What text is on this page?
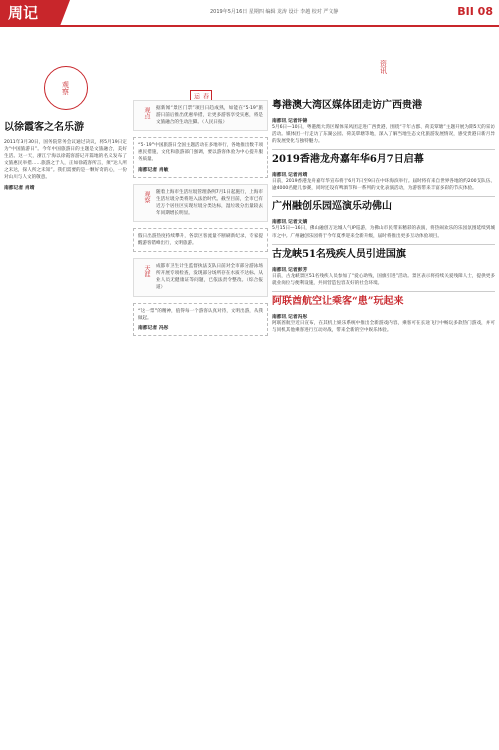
周记	2019年5月16日 星期四 编辑 龙涛 设计 李越 校对 严文静	BII 08
观察
以徐霞客之名乐游
2011年3月30日，国务院常务会议通过决议，将5月19日定为“中国旅游日”。今年中国旅游日的主题是文旅融合，美好生活。这一天，浙江宁海以徐霞客游记开篇地的名义发布了文旅惠民举措……旅游之于人，正如徐霞客所言，须“达人所之未达，探人所之未知”。我们需要的是一颗好奇的心，一份对山川与人文的敬意。
南都记者 肖靖
春运
观点 据新闻“景区门票”项目日趋成熟，如能在“5·19”旅游日前后推出优惠举措，让更多游客享受实惠，将是文旅融合的生动注脚。（人民日报）
“5·19”中国旅游日全国主题活动在多地举行，各地推出数千项惠民措施，文化和旅游部门强调，要以游客体验为中心提升服务质量。
南都记者 肖敏
观察 随着上海市生活垃圾管理条例7月1日起施行，上海市生活垃圾分类将进入法治时代。截至目前，全市已有近万个居住区实现垃圾分类达标，湿垃圾分出量较去年同期增长明显。
假日出游热度持续攀升，各景区客流量不断刷新纪录，专家提醒游客错峰出行，文明旅游。
天涯 成都市卫生计生监督执法支队日前对全市部分游泳场所开展专项检查，发现部分场所存在水质不达标、从业人员无健康证等问题，已依法责令整改。（综合报道）
“这一票”的精神，值得每一个游客认真对待，文明出游，从我做起。
南都记者 冯彤
资讯
粤港澳大湾区媒体团走访广西贵港
南都讯 记者许锦
5月6日—10日，粤港澳大湾区媒体采风团走进广西贵港，围绕“千年古郡、荷美覃塘”主题开展为期5天的采访活动。媒体团一行走访了东湖公园、荷美覃塘等地，深入了解当地生态文化旅游发展情况，感受贵港日新月异的发展变化与独特魅力。
2019香港龙舟嘉年华6月7日启幕
南都讯 记者肖靖
日前，2019香港龙舟嘉年华宣布将于6月7日至9日在中环海滨举行。届时将有来自世界各地的约200支队伍、逾4000名健儿参赛，同时还设有啤酒节和一系列的文化表演活动，为游客带来丰富多彩的节庆体验。
广州融创乐园巡演乐动佛山
南都讯 记者文婧
5月15日—16日，佛山融创万达城人气IP巡游，为佛山市民带来精彩的表演，将热闹欢乐的乐园氛围延续到城市之中。广州融创乐园将于今年夏季迎来全新升级，届时将推出更多互动体验项目。
古龙峡51名残疾人员引进国旗
南都讯 记者彭芳
日前，古龙峡景区51名残疾人员参加了“爱心助残，国旗引进”活动。景区表示将持续关爱残障人士，提供更多就业岗位与便利设施，共同营造包容友好的社会环境。
阿联酋航空让乘客“患”玩起来
南都讯 记者冯彤
阿联酋航空近日宣布，在其机上娱乐系统中推出全新游戏内容，乘客可在长途飞行中畅玩多款热门游戏，并可与同机其他乘客进行互动对战，带来全新的空中娱乐体验。
